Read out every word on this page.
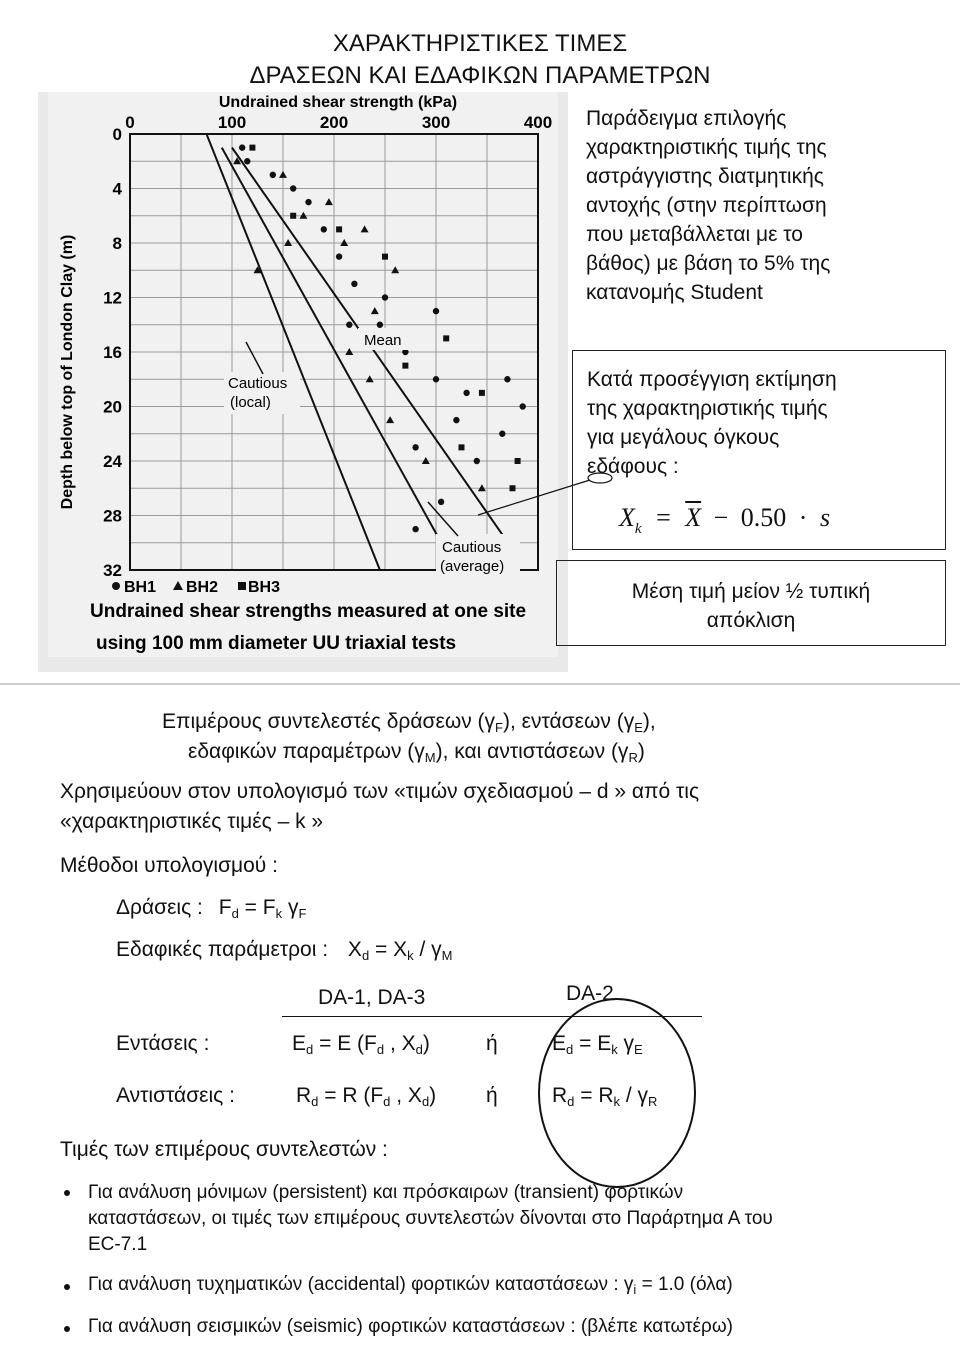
ΧΑΡΑΚΤΗΡΙΣΤΙΚΕΣ ΤΙΜΕΣ
ΔΡΑΣΕΩΝ ΚΑΙ ΕΔΑΦΙΚΩΝ ΠΑΡΑΜΕΤΡΩΝ
Undrained shear strength (kPa)
0	100	200	300	400
0
4
8
12
16
20
24
28
32
Depth below top of London Clay (m)	Mean
Cautious
(local)
Cautious
(average)
BH1 BH2 BH3
Undrained shear strengths measured at one site
using 100 mm diameter UU triaxial tests
Παράδειγμα επιλογής
χαρακτηριστικής τιμής της
αστράγγιστης διατμητικής
αντοχής (στην περίπτωση
που μεταβάλλεται με το
βάθος) με βάση το 5% της
κατανομής Student
Κατά προσέγγιση εκτίμηση
της χαρακτηριστικής τιμής
για μεγάλους όγκους
εδάφους :
$X_k = \overline{X} - 0.50 \cdot s$
Μέση τιμή μείον ½ τυπική
απόκλιση
Επιμέρους συντελεστές δράσεων $(\gamma_F)$, εντάσεων $(\gamma_E)$,
εδαφικών παραμέτρων $(\gamma_M)$, και αντιστάσεων $(\gamma_R)$
Χρησιμεύουν στον υπολογισμό των «τιμών σχεδιασμού – d » από τις
«χαρακτηριστικές τιμές – k »
Μέθοδοι υπολογισμού :
Δράσεις : $F_d = F_k$ $\gamma_F$
Εδαφικές παράμετροι : $X_d = X_k / \gamma_M$
DA-1, DA-3	DA-2
Εντάσεις :	$E_d = E$ ($F_d$ , $X_d$)	ή	$E_d = E_k$ $\gamma_E$
Αντιστάσεις :	$R_d = R$ ($F_d$ , $X_d$) ή	$R_d = R_k / \gamma_R$
Τιμές των επιμέρους συντελεστών :
Για ανάλυση μόνιμων (persistent) και πρόσκαιρων (transient) φορτικών
καταστάσεων, οι τιμές των επιμέρους συντελεστών δίνονται στο Παράρτημα Α του
ΕC-7.1
Για ανάλυση τυχηματικών (accidental) φορτικών καταστάσεων : $\gamma_i = 1.0$ (όλα)
Για ανάλυση σεισμικών (seismic) φορτικών καταστάσεων : (βλέπε κατωτέρω)
